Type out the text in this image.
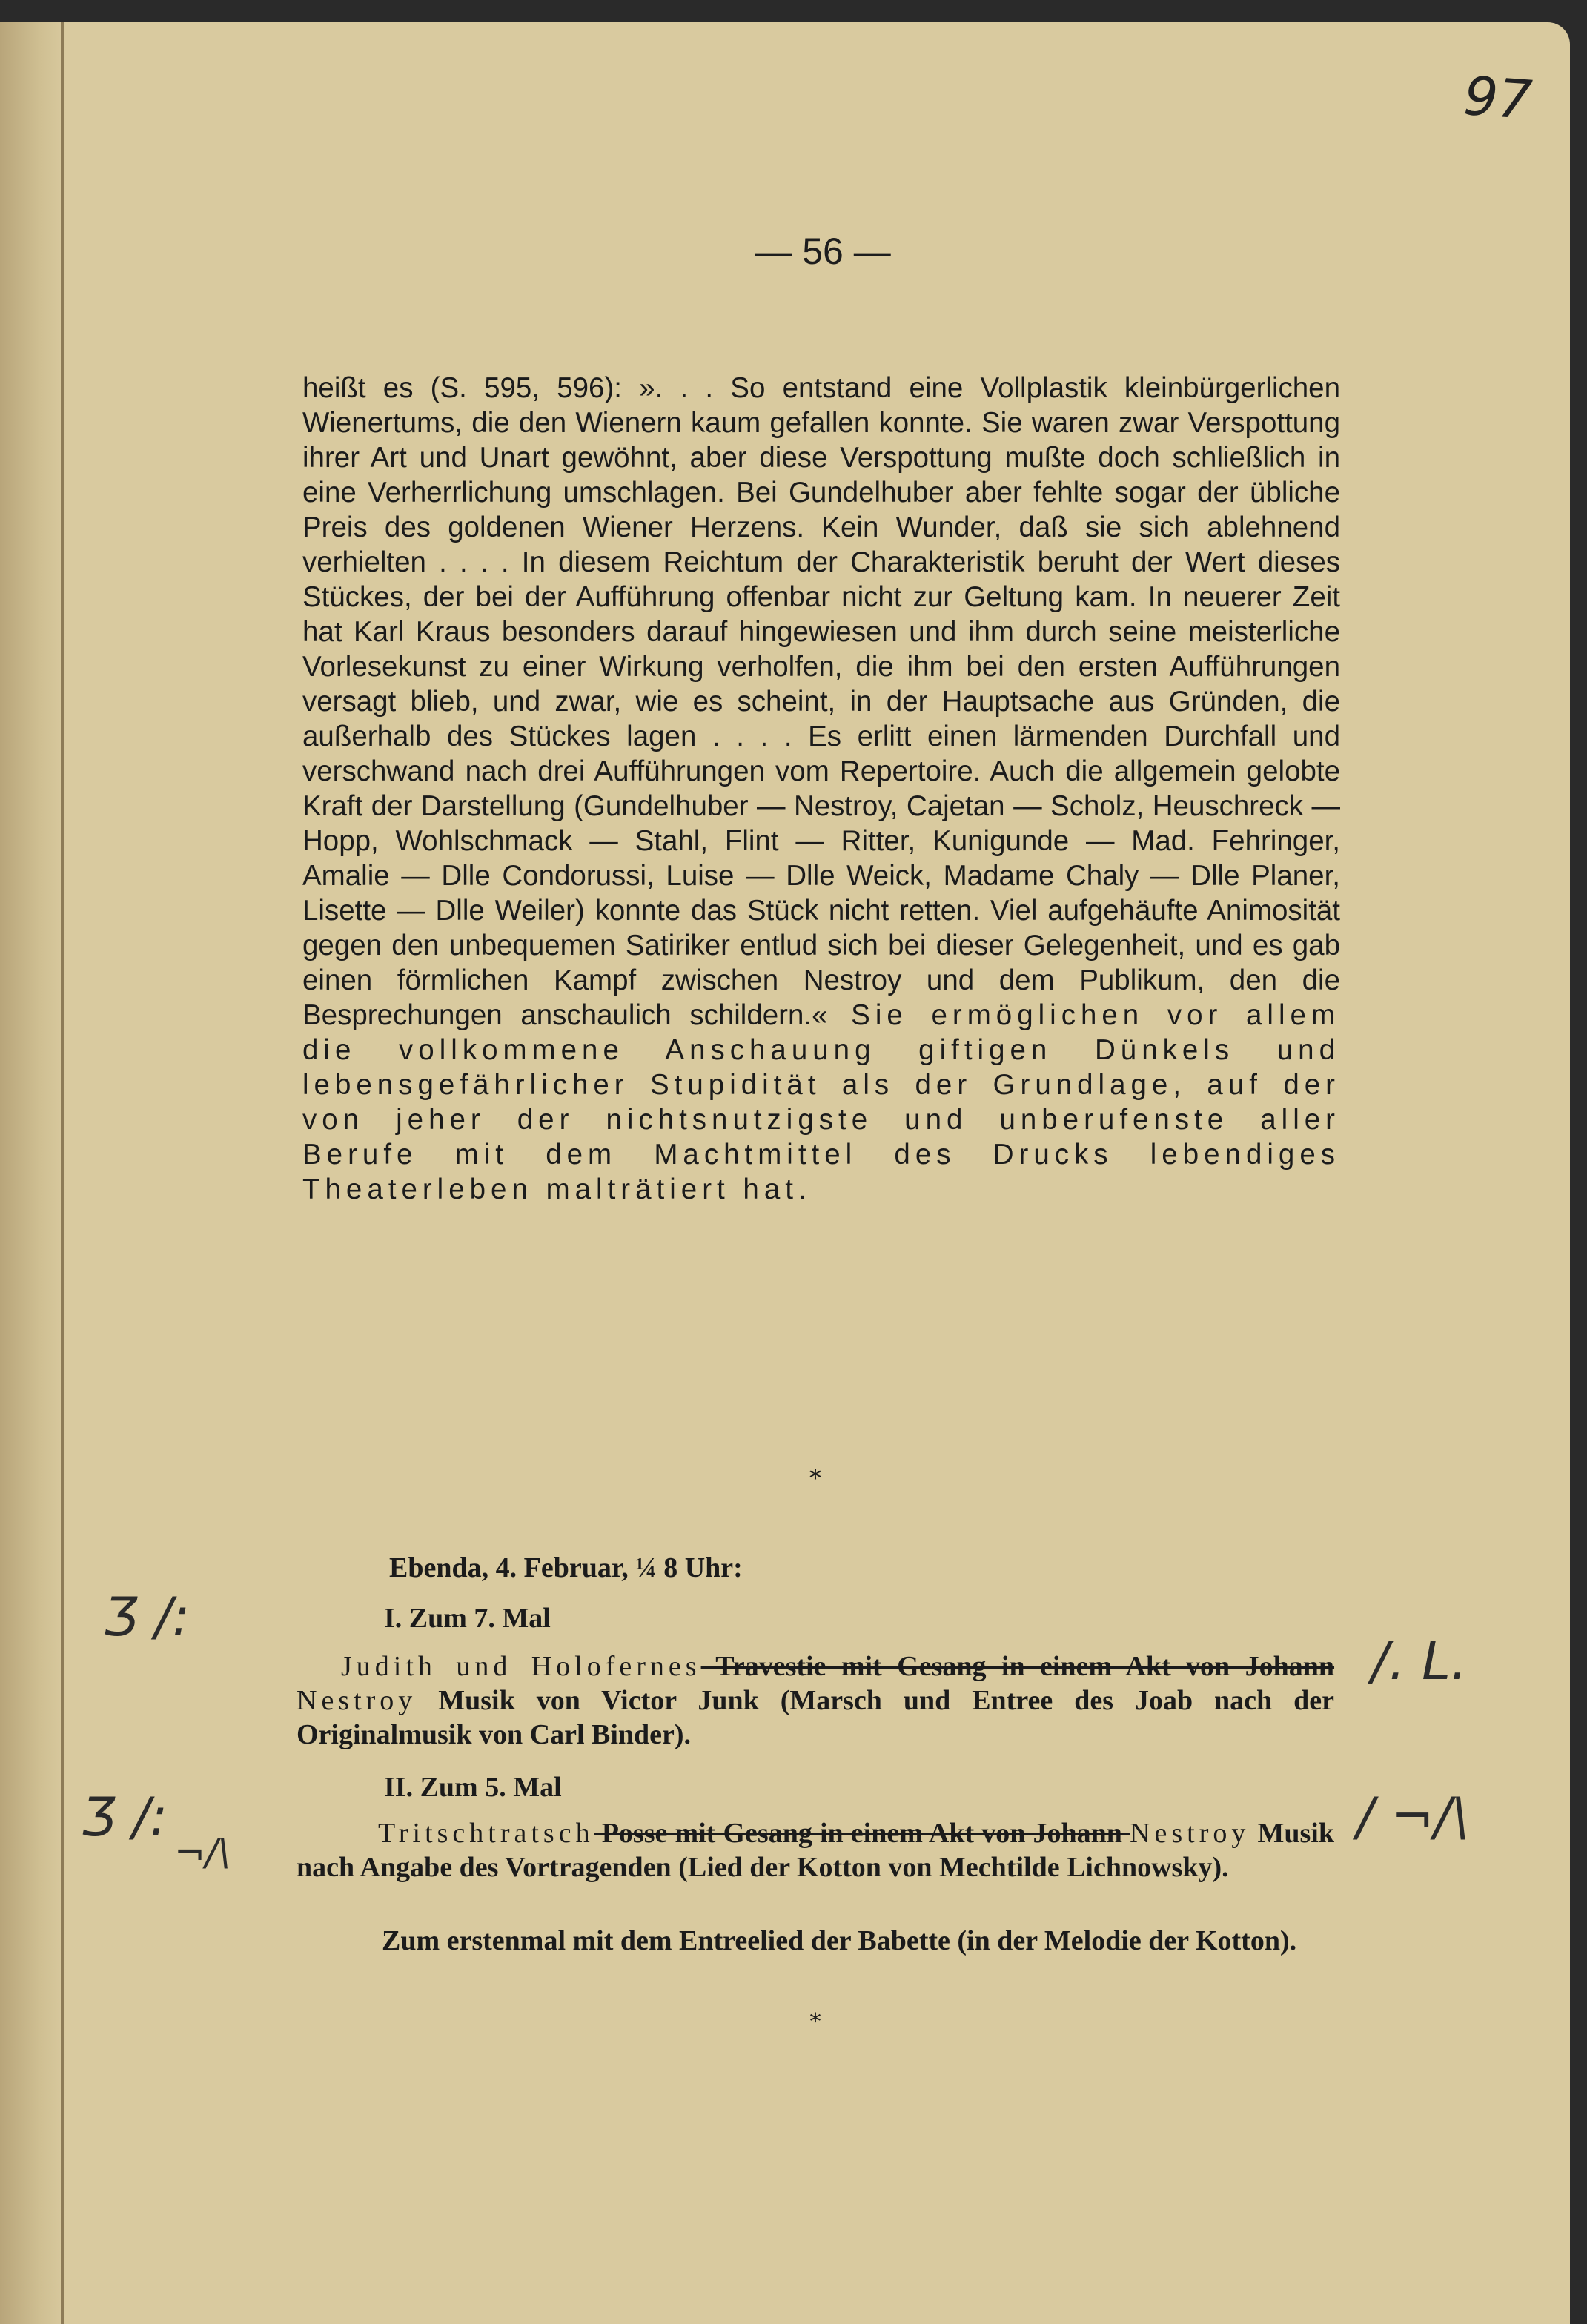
97
— 56 —

heißt es (S. 595, 596): ». . . So entstand eine Vollplastik kleinbürgerlichen Wienertums, die den Wienern kaum gefallen konnte. Sie waren zwar Verspottung ihrer Art und Unart gewöhnt, aber diese Verspottung mußte doch schließlich in eine Verherrlichung umschlagen. Bei Gundelhuber aber fehlte sogar der übliche Preis des goldenen Wiener Herzens. Kein Wunder, daß sie sich ablehnend verhielten . . . . In diesem Reichtum der Charakteristik beruht der Wert dieses Stückes, der bei der Aufführung offenbar nicht zur Geltung kam. In neuerer Zeit hat Karl Kraus besonders darauf hingewiesen und ihm durch seine meisterliche Vorlesekunst zu einer Wirkung verholfen, die ihm bei den ersten Aufführungen versagt blieb, und zwar, wie es scheint, in der Hauptsache aus Gründen, die außerhalb des Stückes lagen . . . . Es erlitt einen lärmenden Durchfall und verschwand nach drei Aufführungen vom Repertoire. Auch die allgemein gelobte Kraft der Darstellung (Gundelhuber — Nestroy, Cajetan — Scholz, Heuschreck — Hopp, Wohlschmack — Stahl, Flint — Ritter, Kunigunde — Mad. Fehringer, Amalie — Dlle Condorussi, Luise — Dlle Weick, Madame Chaly — Dlle Planer, Lisette — Dlle Weiler) konnte das Stück nicht retten. Viel aufgehäufte Animosität gegen den unbequemen Satiriker entlud sich bei dieser Gelegenheit, und es gab einen förmlichen Kampf zwischen Nestroy und dem Publikum, den die Besprechungen anschaulich schildern.« Sie ermöglichen vor allem die vollkommene Anschauung giftigen Dünkels und lebensgefährlicher Stupidität als der Grundlage, auf der von jeher der nichtsnutzigste und unberufenste aller Berufe mit dem Machtmittel des Drucks lebendiges Theaterleben malträtiert hat.

*

Ebenda, 4. Februar, ¼ 8 Uhr:

I. Zum 7. Mal

Judith und Holofernes Travestie mit Gesang in einem Akt von Johann Nestroy Musik von Victor Junk (Marsch und Entree des Joab nach der Originalmusik von Carl Binder).

II. Zum 5. Mal

Tritschtratsch Posse mit Gesang in einem Akt von Johann Nestroy Musik nach Angabe des Vortragenden (Lied der Kotton von Mechtilde Lichnowsky).

Zum erstenmal mit dem Entreelied der Babette (in der Melodie der Kotton).

*
Ʒ /:
Ʒ /:
¬/\
/. L.
/ ¬/\
